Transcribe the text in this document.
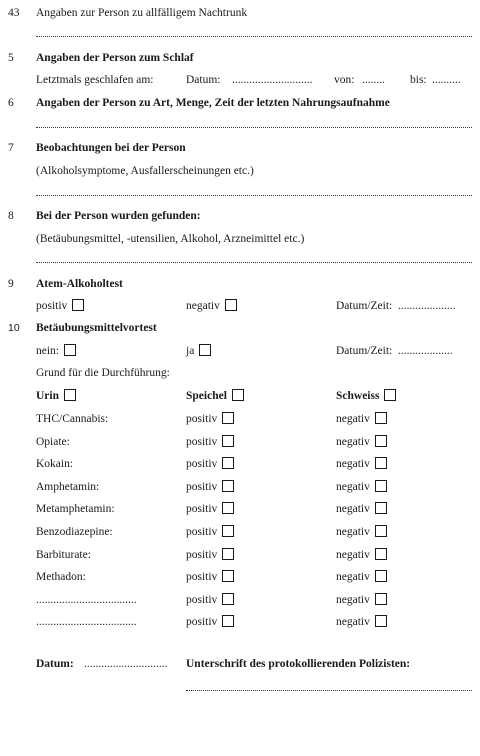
43 Angaben zur Person zu allfälligem Nachtrunk
5 Angaben der Person zum Schlaf
Letztmals geschlafen am:	Datum: ............................ von: ........ bis: ..........
6 Angaben der Person zu Art, Menge, Zeit der letzten Nahrungsaufnahme
7 Beobachtungen bei der Person
(Alkoholsymptome, Ausfallerscheinungen etc.)
8 Bei der Person wurden gefunden:
(Betäubungsmittel, -utensilien, Alkohol, Arzneimittel etc.)
9 Atem-Alkoholtest
positiv	negativ	Datum/Zeit: ....................
10 Betäubungsmittelvortest
nein:	ja	Datum/Zeit: ...................
Grund für die Durchführung:
Urin	Speichel	Schweiss
THC/Cannabis:	positiv	negativ
Opiate:	positiv	negativ
Kokain:	positiv	negativ
Amphetamin:	positiv	negativ
Metamphetamin:	positiv	negativ
Benzodiazepine:	positiv	negativ
Barbiturate:	positiv	negativ
Methadon:	positiv	negativ
...................................	positiv	negativ
...................................	positiv	negativ
Datum: ............................. Unterschrift des protokollierenden Polizisten:
